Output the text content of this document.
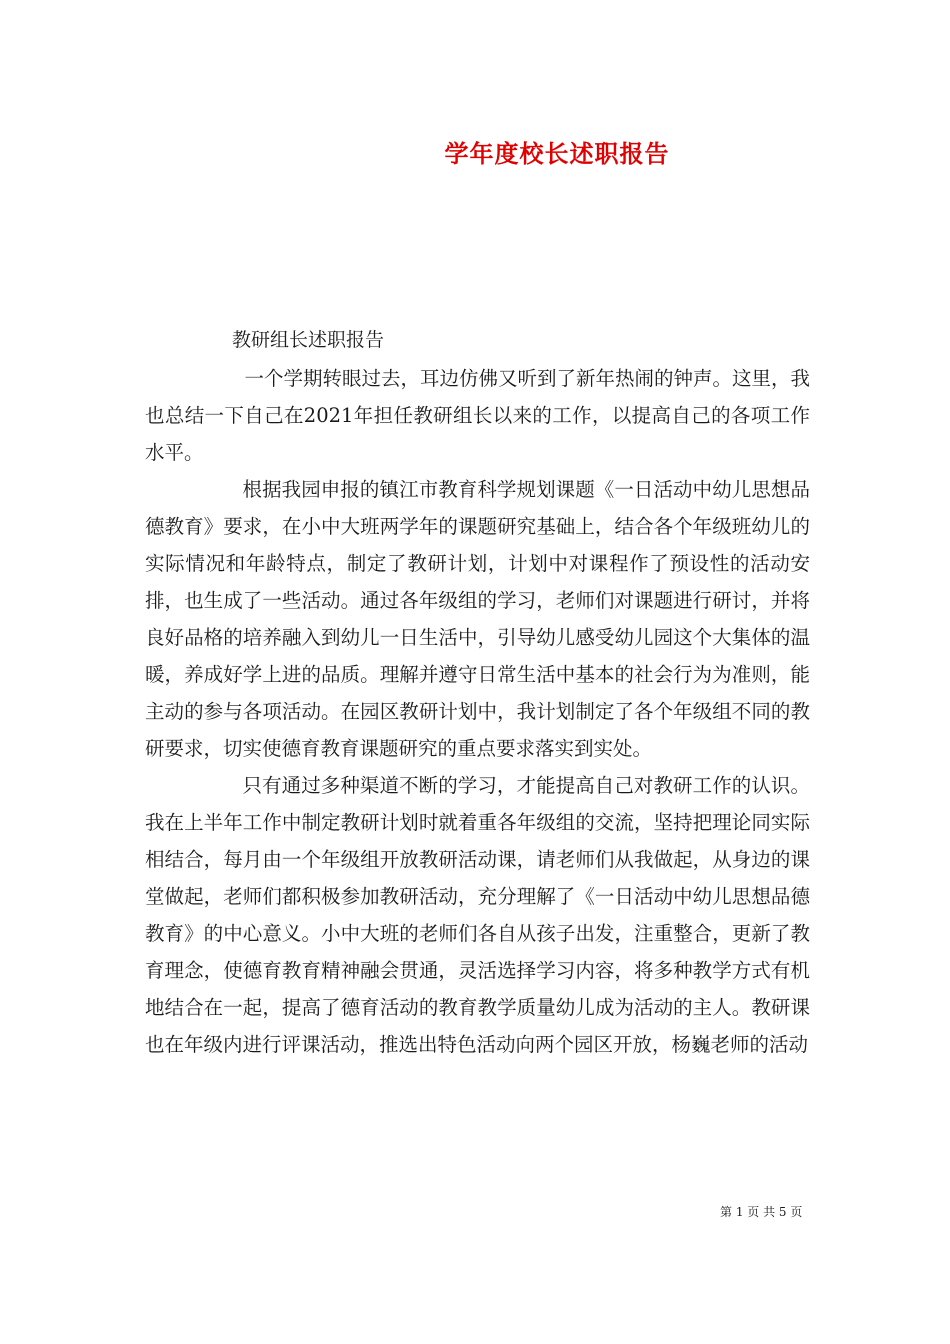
学年度校长述职报告
教研组长述职报告

一个学期转眼过去，耳边仿佛又听到了新年热闹的钟声。这里，我也总结一下自己在2021年担任教研组长以来的工作，以提高自己的各项工作水平。

根据我园申报的镇江市教育科学规划课题《一日活动中幼儿思想品德教育》要求，在小中大班两学年的课题研究基础上，结合各个年级班幼儿的实际情况和年龄特点，制定了教研计划，计划中对课程作了预设性的活动安排，也生成了一些活动。通过各年级组的学习，老师们对课题进行研讨，并将良好品格的培养融入到幼儿一日生活中，引导幼儿感受幼儿园这个大集体的温暖，养成好学上进的品质。理解并遵守日常生活中基本的社会行为为准则，能主动的参与各项活动。在园区教研计划中，我计划制定了各个年级组不同的教研要求，切实使德育教育课题研究的重点要求落实到实处。

只有通过多种渠道不断的学习，才能提高自己对教研工作的认识。我在上半年工作中制定教研计划时就着重各年级组的交流，坚持把理论同实际相结合，每月由一个年级组开放教研活动课，请老师们从我做起，从身边的课堂做起，老师们都积极参加教研活动，充分理解了《一日活动中幼儿思想品德教育》的中心意义。小中大班的老师们各自从孩子出发，注重整合，更新了教育理念，使德育教育精神融会贯通，灵活选择学习内容，将多种教学方式有机地结合在一起，提高了德育活动的教育教学质量幼儿成为活动的主人。教研课也在年级内进行评课活动，推选出特色活动向两个园区开放，杨巍老师的活动

第 1 页 共 5 页
